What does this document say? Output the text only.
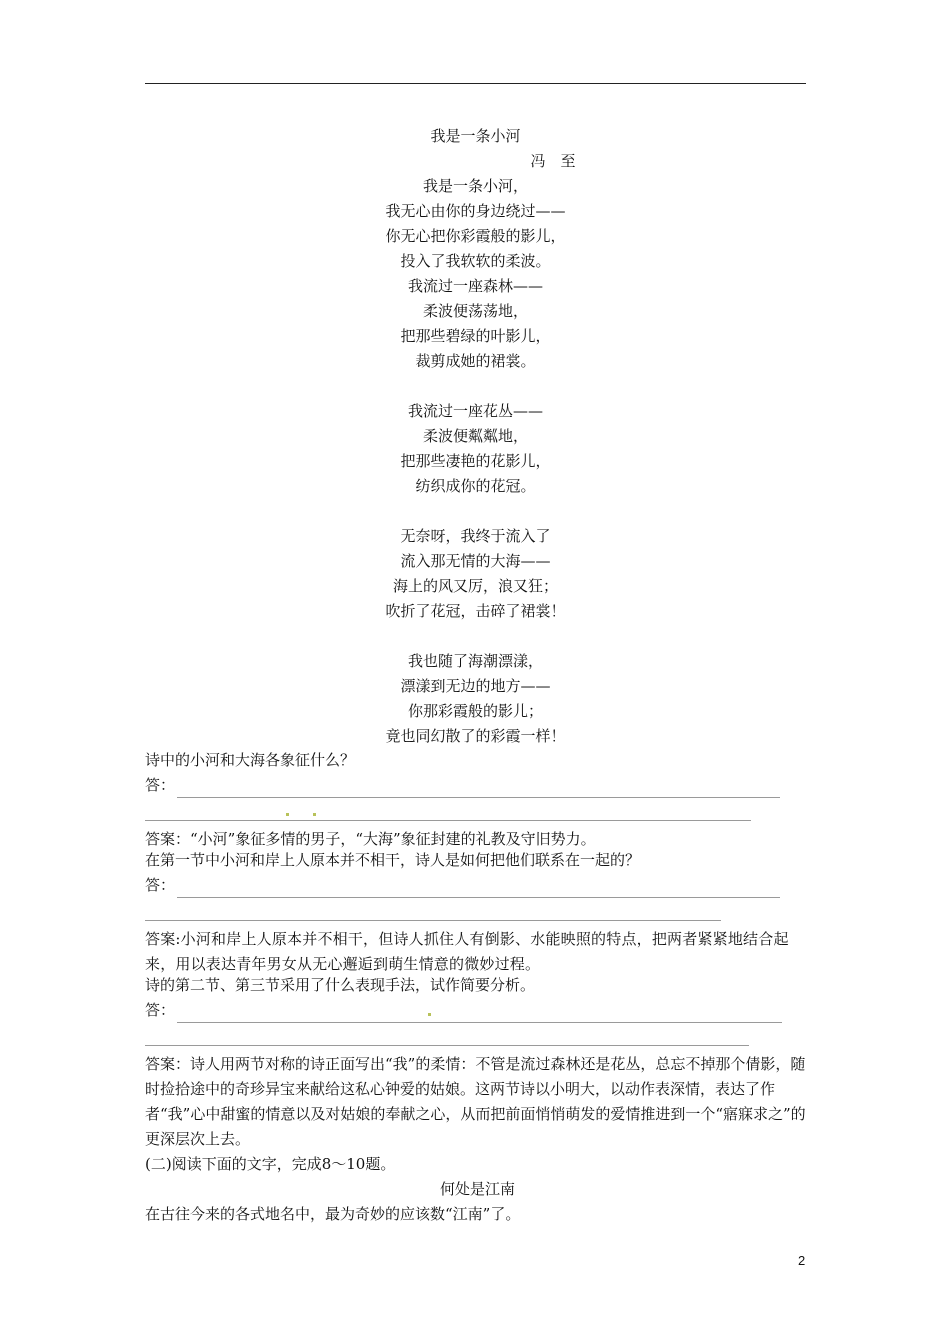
我是一条小河
冯　至
我是一条小河，
我无心由你的身边绕过——
你无心把你彩霞般的影儿，
投入了我软软的柔波。
我流过一座森林——
柔波便荡荡地，
把那些碧绿的叶影儿，
裁剪成她的裙裳。
我流过一座花丛——
柔波便粼粼地，
把那些凄艳的花影儿，
纺织成你的花冠。
无奈呀，我终于流入了
流入那无情的大海——
海上的风又厉，浪又狂；
吹折了花冠，击碎了裙裳！
我也随了海潮漂漾，
漂漾到无边的地方——
你那彩霞般的影儿；
竟也同幻散了的彩霞一样！

诗中的小河和大海各象征什么？

答：

答案：“小河”象征多情的男子，“大海”象征封建的礼教及守旧势力。

在第一节中小河和岸上人原本并不相干，诗人是如何把他们联系在一起的？

答：

答案:小河和岸上人原本并不相干，但诗人抓住人有倒影、水能映照的特点，把两者紧紧地结合起来，用以表达青年男女从无心邂逅到萌生情意的微妙过程。

诗的第二节、第三节采用了什么表现手法，试作简要分析。

答：

答案：诗人用两节对称的诗正面写出“我”的柔情：不管是流过森林还是花丛，总忘不掉那个倩影，随时捡拾途中的奇珍异宝来献给这私心钟爱的姑娘。这两节诗以小明大，以动作表深情，表达了作者“我”心中甜蜜的情意以及对姑娘的奉献之心，从而把前面悄悄萌发的爱情推进到一个“寤寐求之”的更深层次上去。

(二)阅读下面的文字，完成8～10题。

何处是江南

在古往今来的各式地名中，最为奇妙的应该数“江南”了。

2
